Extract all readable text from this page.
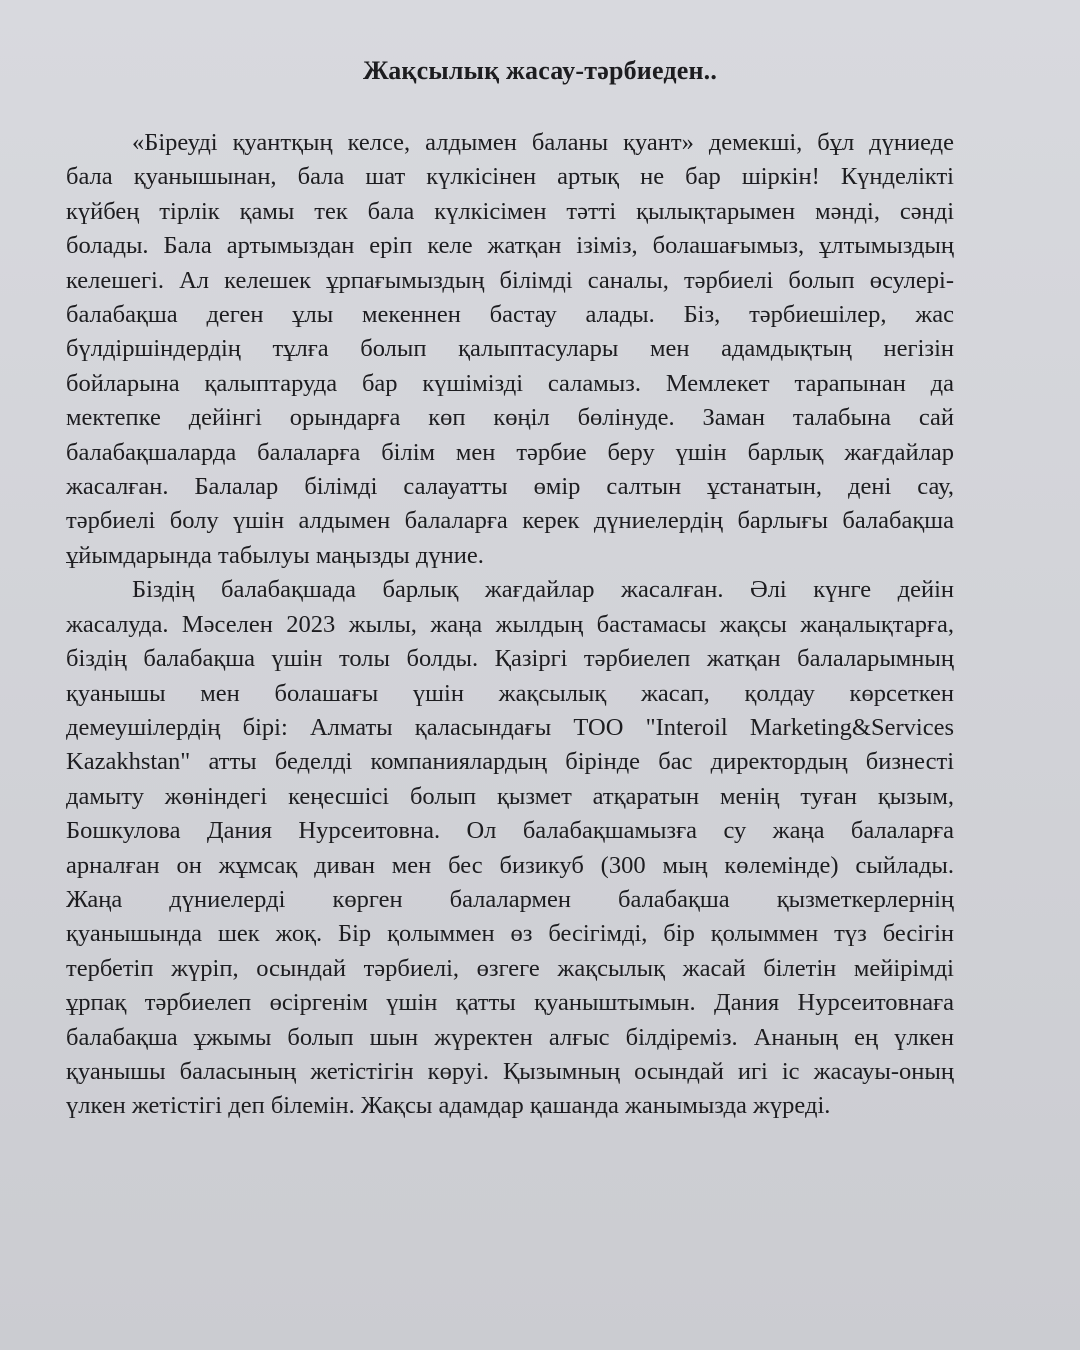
Жақсылық жасау-тәрбиеден..

«Біреуді қуантқың келсе, алдымен баланы қуант» демекші, бұл дүниеде

бала қуанышынан, бала шат күлкісінен артық не бар шіркін! Күнделікті

күйбең тірлік қамы тек бала күлкісімен тәтті қылықтарымен мәнді, сәнді

болады. Бала артымыздан еріп келе жатқан ізіміз, болашағымыз, ұлтымыздың

келешегі. Ал келешек ұрпағымыздың білімді саналы, тәрбиелі болып өсулері-

балабақша деген ұлы мекеннен бастау алады. Біз, тәрбиешілер, жас

бүлдіршіндердің тұлға болып қалыптасулары мен адамдықтың негізін

бойларына қалыптаруда бар күшімізді саламыз. Мемлекет тарапынан да

мектепке дейінгі орындарға көп көңіл бөлінуде. Заман талабына сай

балабақшаларда балаларға білім мен тәрбие беру үшін барлық жағдайлар

жасалған. Балалар білімді салауатты өмір салтын ұстанатын, дені сау,

тәрбиелі болу үшін алдымен балаларға керек дүниелердің барлығы балабақша

ұйымдарында табылуы маңызды дүние.

Біздің балабақшада барлық жағдайлар жасалған. Әлі күнге дейін

жасалуда. Мәселен 2023 жылы, жаңа жылдың бастамасы жақсы жаңалықтарға,

біздің балабақша үшін толы болды. Қазіргі тәрбиелеп жатқан балаларымның

қуанышы мен болашағы үшін жақсылық жасап, қолдау көрсеткен

демеушілердің бірі: Алматы қаласындағы ТОО "Interoil Marketing&Services

Kazakhstan" атты беделді компаниялардың бірінде бас директордың бизнесті

дамыту жөніндегі кеңесшісі болып қызмет атқаратын менің туған қызым,

Бошкулова Дания Нурсеитовна. Ол балабақшамызға су жаңа балаларға

арналған он жұмсақ диван мен бес бизикуб (300 мың көлемінде) сыйлады.

Жаңа дүниелерді көрген балалармен балабақша қызметкерлернің

қуанышында шек жоқ. Бір қолыммен өз бесігімді, бір қолыммен түз бесігін

тербетіп жүріп, осындай тәрбиелі, өзгеге жақсылық жасай білетін мейірімді

ұрпақ тәрбиелеп өсіргенім үшін қатты қуаныштымын. Дания Нурсеитовнаға

балабақша ұжымы болып шын жүректен алғыс білдіреміз. Ананың ең үлкен

қуанышы баласының жетістігін көруі. Қызымның осындай игі іс жасауы-оның

үлкен жетістігі деп білемін. Жақсы адамдар қашанда жанымызда жүреді.
